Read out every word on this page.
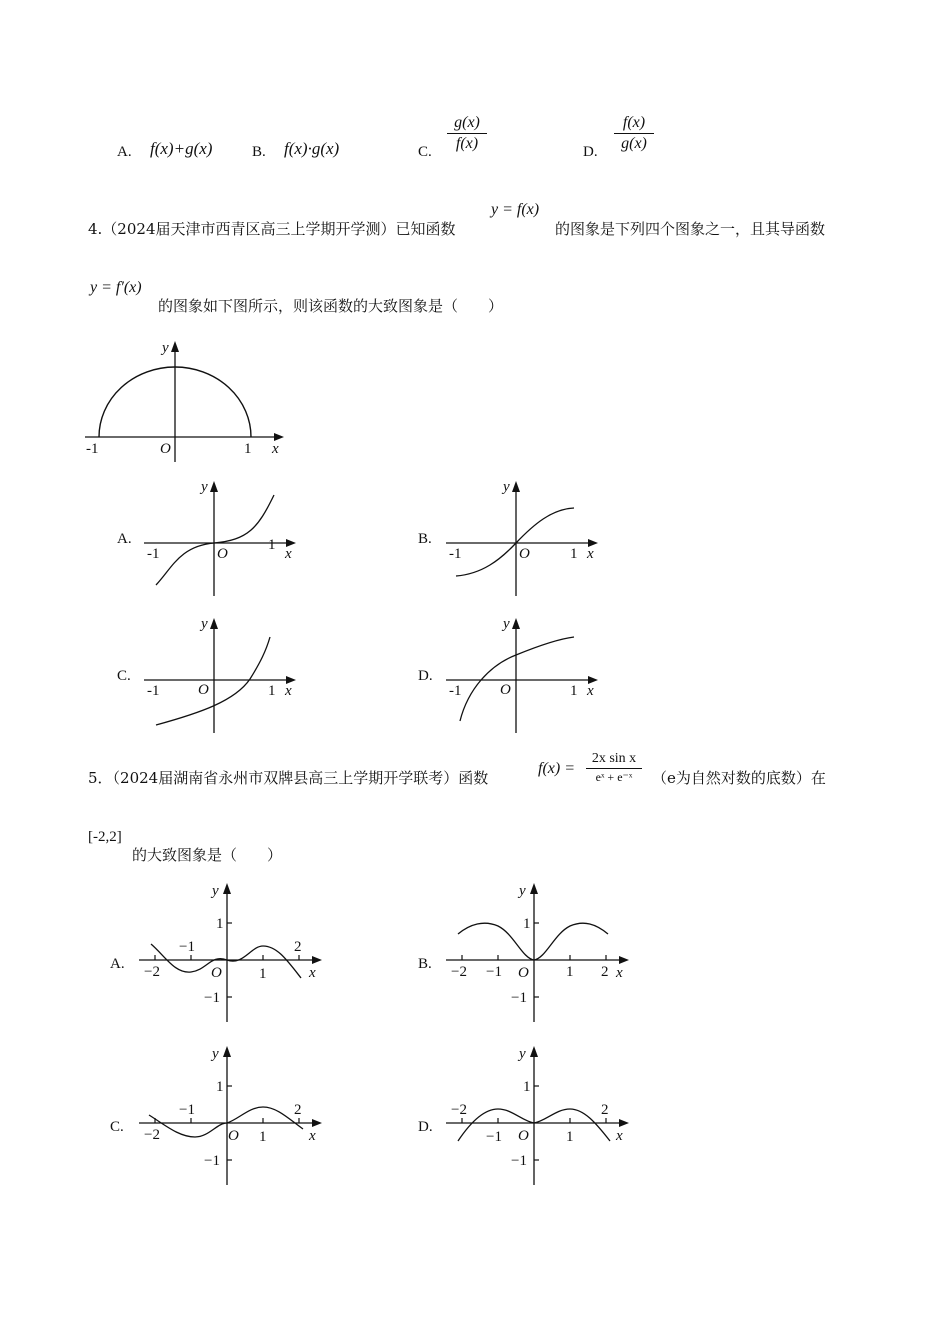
A. f(x)+g(x)	B. f(x)·g(x)	C. $\frac{g(x)}{f(x)}$	D. $\frac{f(x)}{g(x)}$
4.（2024届天津市西青区高三上学期开学测）已知函数
y = f(x)
的图象是下列四个图象之一，且其导函数
y = f′(x)
的图象如下图所示，则该函数的大致图象是（　　）
y
x
O
-1	1
A.
y
x
O
-1
1	B.
y
x
O
-1	1
C.
y
x
O
-1	1
D.
y
x
O
-1	1
5．（2024届湖南省永州市双牌县高三上学期开学联考）函数
$f(x) = \frac{\text{2x sin x}}{\text{eˣ + e⁻ˣ}} (e$为自然对数的底数）在
[-2,2]
的大致图象是（　　）
A.
y
x
O
1
−1
−1
−2	1
2
B.
y
x
O
1
−1
−1
−2	1 2
C.
y
x
O
1
−1
−1
−2	1
2
D.
y
x
O
1
−1
−1
−2
1
2
